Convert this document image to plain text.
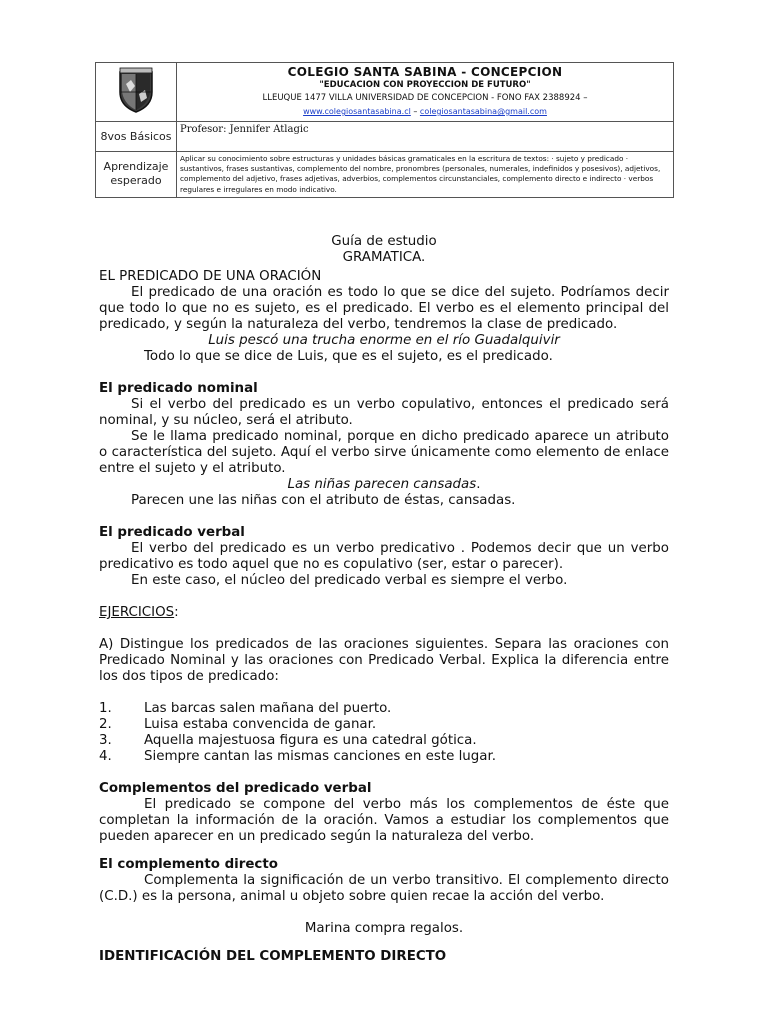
COLEGIO SANTA SABINA - CONCEPCION
"EDUCACION CON PROYECCION DE FUTURO"
LLEUQUE 1477 VILLA UNIVERSIDAD DE CONCEPCION - FONO FAX 2388924 –
www.colegiosantasabina.cl – colegiosantasabina@gmail.com

8vos Básicos	Profesor: Jennifer Atlagic
Aprendizaje esperado	Aplicar su conocimiento sobre estructuras y unidades básicas gramaticales en la escritura de textos: · sujeto y predicado · sustantivos, frases sustantivas, complemento del nombre, pronombres (personales, numerales, indefinidos y posesivos), adjetivos, complemento del adjetivo, frases adjetivas, adverbios, complementos circunstanciales, complemento directo e indirecto · verbos regulares e irregulares en modo indicativo.
Guía de estudio
GRAMATICA.
EL PREDICADO DE UNA ORACIÓN
El predicado de una oración es todo lo que se dice del sujeto. Podríamos decir que todo lo que no es sujeto, es el predicado. El verbo es el elemento principal del predicado, y según la naturaleza del verbo, tendremos la clase de predicado.
Luis pescó una trucha enorme en el río Guadalquivir
Todo lo que se dice de Luis, que es el sujeto, es el predicado.
El predicado nominal
Si el verbo del predicado es un verbo copulativo, entonces el predicado será nominal, y su núcleo, será el atributo.
Se le llama predicado nominal, porque en dicho predicado aparece un atributo o característica del sujeto. Aquí el verbo sirve únicamente como elemento de enlace entre el sujeto y el atributo.
Las niñas parecen cansadas.
Parecen une las niñas con el atributo de éstas, cansadas.
El predicado verbal
El verbo del predicado es un verbo predicativo . Podemos decir que un verbo predicativo es todo aquel que no es copulativo (ser, estar o parecer).
En este caso, el núcleo del predicado verbal es siempre el verbo.
EJERCICIOS:
A) Distingue los predicados de las oraciones siguientes. Separa las oraciones con Predicado Nominal y las oraciones con Predicado Verbal. Explica la diferencia entre los dos tipos de predicado:
1. Las barcas salen mañana del puerto.
2. Luisa estaba convencida de ganar.
3. Aquella majestuosa figura es una catedral gótica.
4. Siempre cantan las mismas canciones en este lugar.
Complementos del predicado verbal
El predicado se compone del verbo más los complementos de éste que completan la información de la oración. Vamos a estudiar los complementos que pueden aparecer en un predicado según la naturaleza del verbo.
El complemento directo
Complementa la significación de un verbo transitivo. El complemento directo (C.D.) es la persona, animal u objeto sobre quien recae la acción del verbo.
Marina compra regalos.
IDENTIFICACIÓN DEL COMPLEMENTO DIRECTO
